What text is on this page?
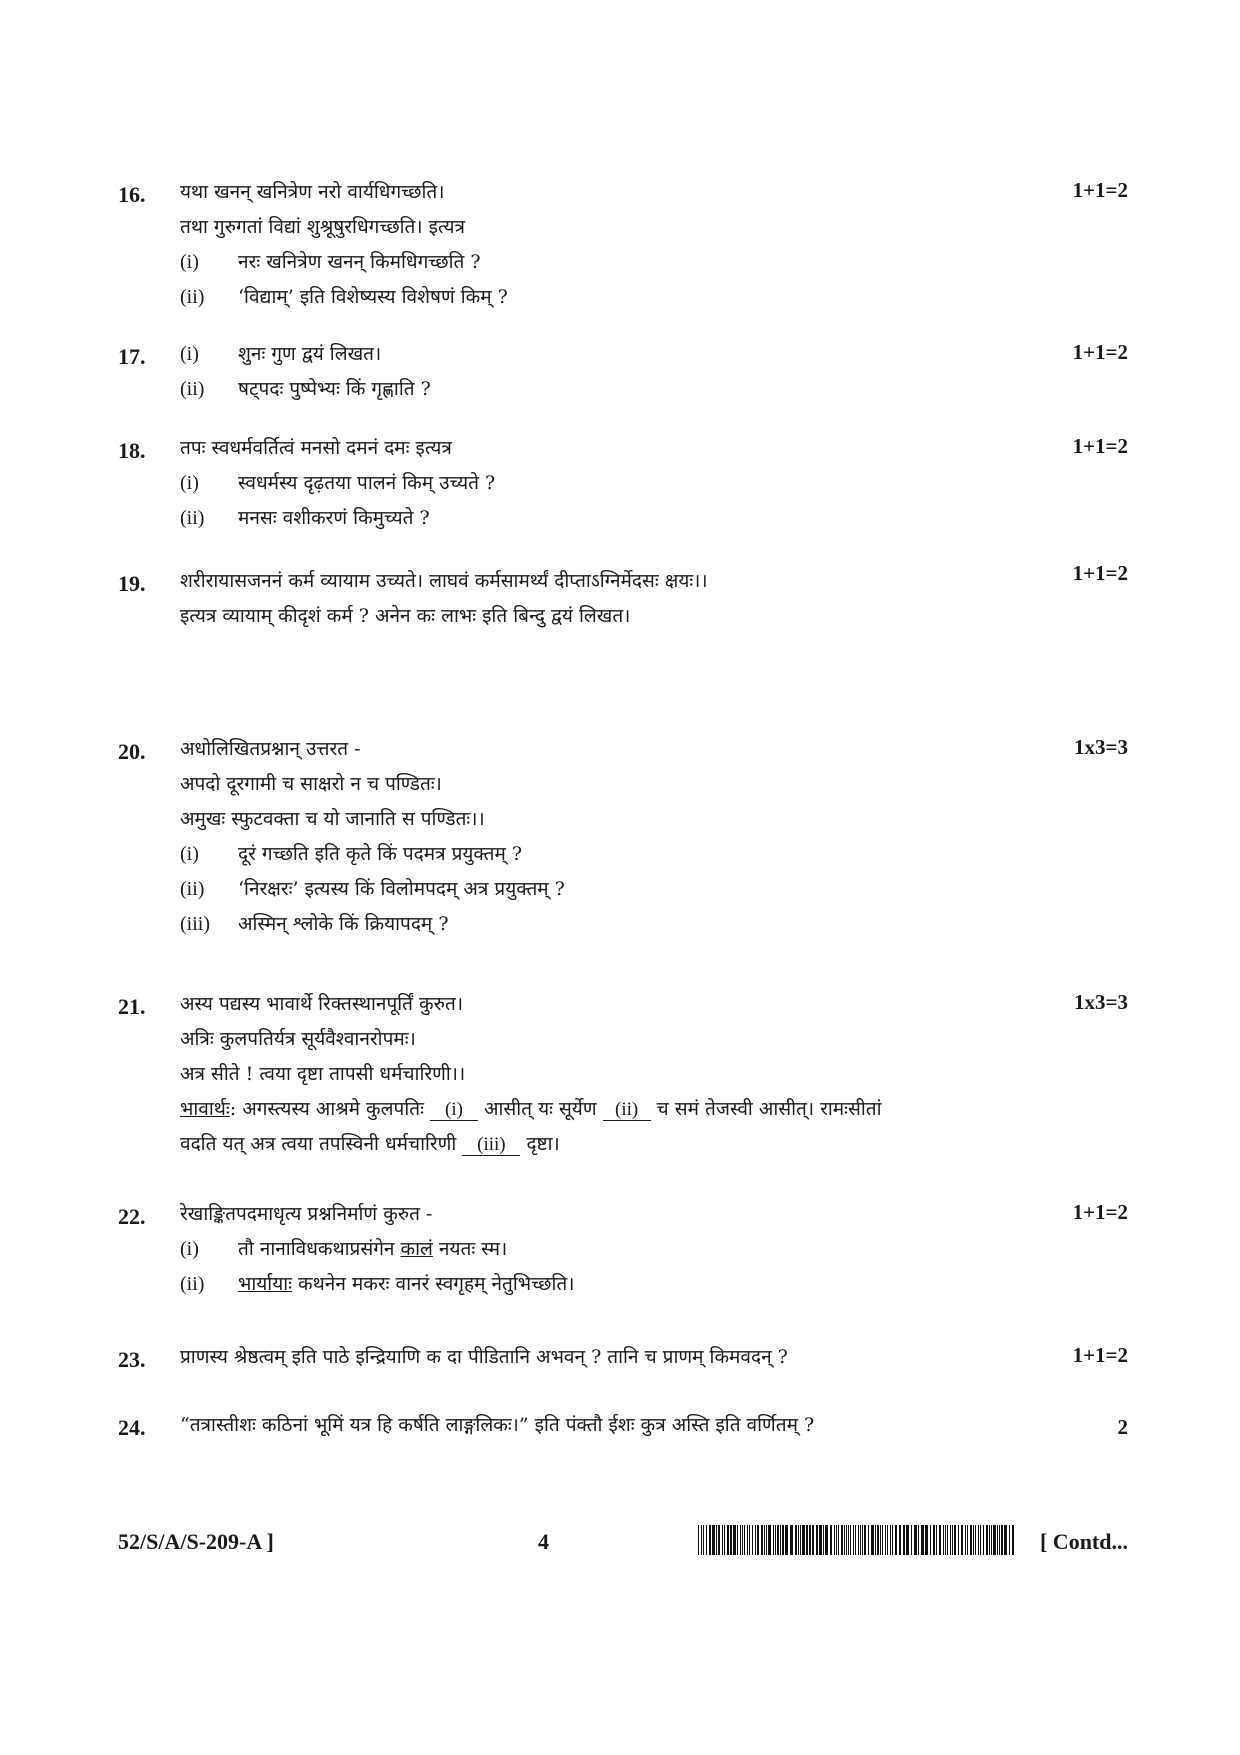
16.	1+1=2
यथा खनन् खनित्रेण नरो वार्यधिगच्छति।
तथा गुरुगतां विद्यां शुश्रूषुरधिगच्छति। इत्यत्र
(i) नरः खनित्रेण खनन् किमधिगच्छति ?
(ii) ‘विद्याम्’ इति विशेष्यस्य विशेषणं किम् ?
17.	1+1=2
(i) शुनः गुण द्वयं लिखत।
(ii) षट्पदः पुष्पेभ्यः किं गृह्णाति ?
18.	1+1=2
तपः स्वधर्मवर्तित्वं मनसो दमनं दमः इत्यत्र
(i) स्वधर्मस्य दृढ़तया पालनं किम् उच्यते ?
(ii) मनसः वशीकरणं किमुच्यते ?
19.	1+1=2
शरीरायासजननं कर्म व्यायाम उच्यते। लाघवं कर्मसामर्थ्यं दीप्ताऽग्निर्मेदसः क्षयः।।
इत्यत्र व्यायाम् कीदृशं कर्म ? अनेन कः लाभः इति बिन्दु द्वयं लिखत।
20.	1x3=3
अधोलिखितप्रश्नान् उत्तरत -
अपदो दूरगामी च साक्षरो न च पण्डितः।
अमुखः स्फुटवक्ता च यो जानाति स पण्डितः।।
(i) दूरं गच्छति इति कृते किं पदमत्र प्रयुक्तम् ?
(ii) ‘निरक्षरः’ इत्यस्य किं विलोमपदम् अत्र प्रयुक्तम् ?
(iii) अस्मिन् श्लोके किं क्रियापदम् ?
21.	1x3=3
अस्य पद्यस्य भावार्थे रिक्तस्थानपूर्तिं कुरुत।
अत्रिः कुलपतिर्यत्र सूर्यवैश्वानरोपमः।
अत्र सीते ! त्वया दृष्टा तापसी धर्मचारिणी।।
भावार्थः: अगस्त्यस्य आश्रमे कुलपतिः (i) आसीत् यः सूर्येण (ii) च समं तेजस्वी आसीत्। रामःसीतां
वदति यत् अत्र त्वया तपस्विनी धर्मचारिणी (iii) दृष्टा।
22.	1+1=2
रेखाङ्कितपदमाधृत्य प्रश्ननिर्माणं कुरुत -
(i) तौ नानाविधकथाप्रसंगेन कालं नयतः स्म।
(ii) भार्यायाः कथनेन मकरः वानरं स्वगृहम् नेतुभिच्छति।
23.	1+1=2
प्राणस्य श्रेष्ठत्वम् इति पाठे इन्द्रियाणि क दा पीडितानि अभवन् ? तानि च प्राणम् किमवदन् ?
24.	2
“तत्रास्तीशः कठिनां भूमिं यत्र हि कर्षति लाङ्गलिकः।” इति पंक्तौ ईशः कुत्र अस्ति इति वर्णितम् ?
52/S/A/S-209-A ]	4	[ Contd...
